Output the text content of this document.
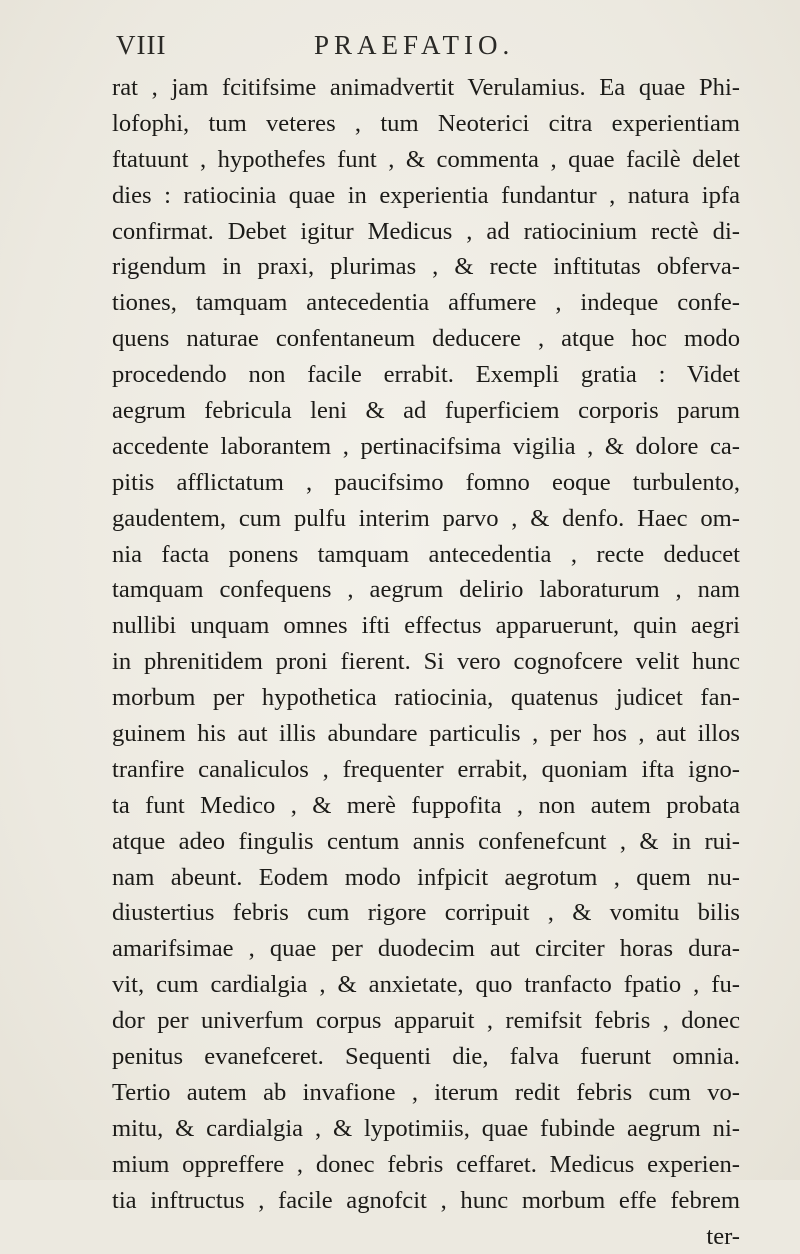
VIII	PRAEFATIO.
rat , jam fcitifsime animadvertit Verulamius. Ea quae Phi-
lofophi, tum veteres , tum Neoterici citra experientiam
ftatuunt , hypothefes funt , & commenta , quae facilè delet
dies : ratiocinia quae in experientia fundantur , natura ipfa
confirmat. Debet igitur Medicus , ad ratiocinium rectè di-
rigendum in praxi, plurimas , & recte inftitutas obferva-
tiones, tamquam antecedentia affumere , indeque confe-
quens naturae confentaneum deducere , atque hoc modo
procedendo non facile errabit. Exempli gratia : Videt
aegrum febricula leni & ad fuperficiem corporis parum
accedente laborantem , pertinacifsima vigilia , & dolore ca-
pitis afflictatum , paucifsimo fomno eoque turbulento,
gaudentem, cum pulfu interim parvo , & denfo. Haec om-
nia facta ponens tamquam antecedentia , recte deducet
tamquam confequens , aegrum delirio laboraturum , nam
nullibi unquam omnes ifti effectus apparuerunt, quin aegri
in phrenitidem proni fierent. Si vero cognofcere velit hunc
morbum per hypothetica ratiocinia, quatenus judicet fan-
guinem his aut illis abundare particulis , per hos , aut illos
tranfire canaliculos , frequenter errabit, quoniam ifta igno-
ta funt Medico , & merè fuppofita , non autem probata
atque adeo fingulis centum annis confenefcunt , & in rui-
nam abeunt. Eodem modo infpicit aegrotum , quem nu-
diustertius febris cum rigore corripuit , & vomitu bilis
amarifsimae , quae per duodecim aut circiter horas dura-
vit, cum cardialgia , & anxietate, quo tranfacto fpatio , fu-
dor per univerfum corpus apparuit , remifsit febris , donec
penitus evanefceret. Sequenti die, falva fuerunt omnia.
Tertio autem ab invafione , iterum redit febris cum vo-
mitu, & cardialgia , & lypotimiis, quae fubinde aegrum ni-
mium oppreffere , donec febris ceffaret. Medicus experien-
tia inftructus , facile agnofcit , hunc morbum effe febrem
ter-
